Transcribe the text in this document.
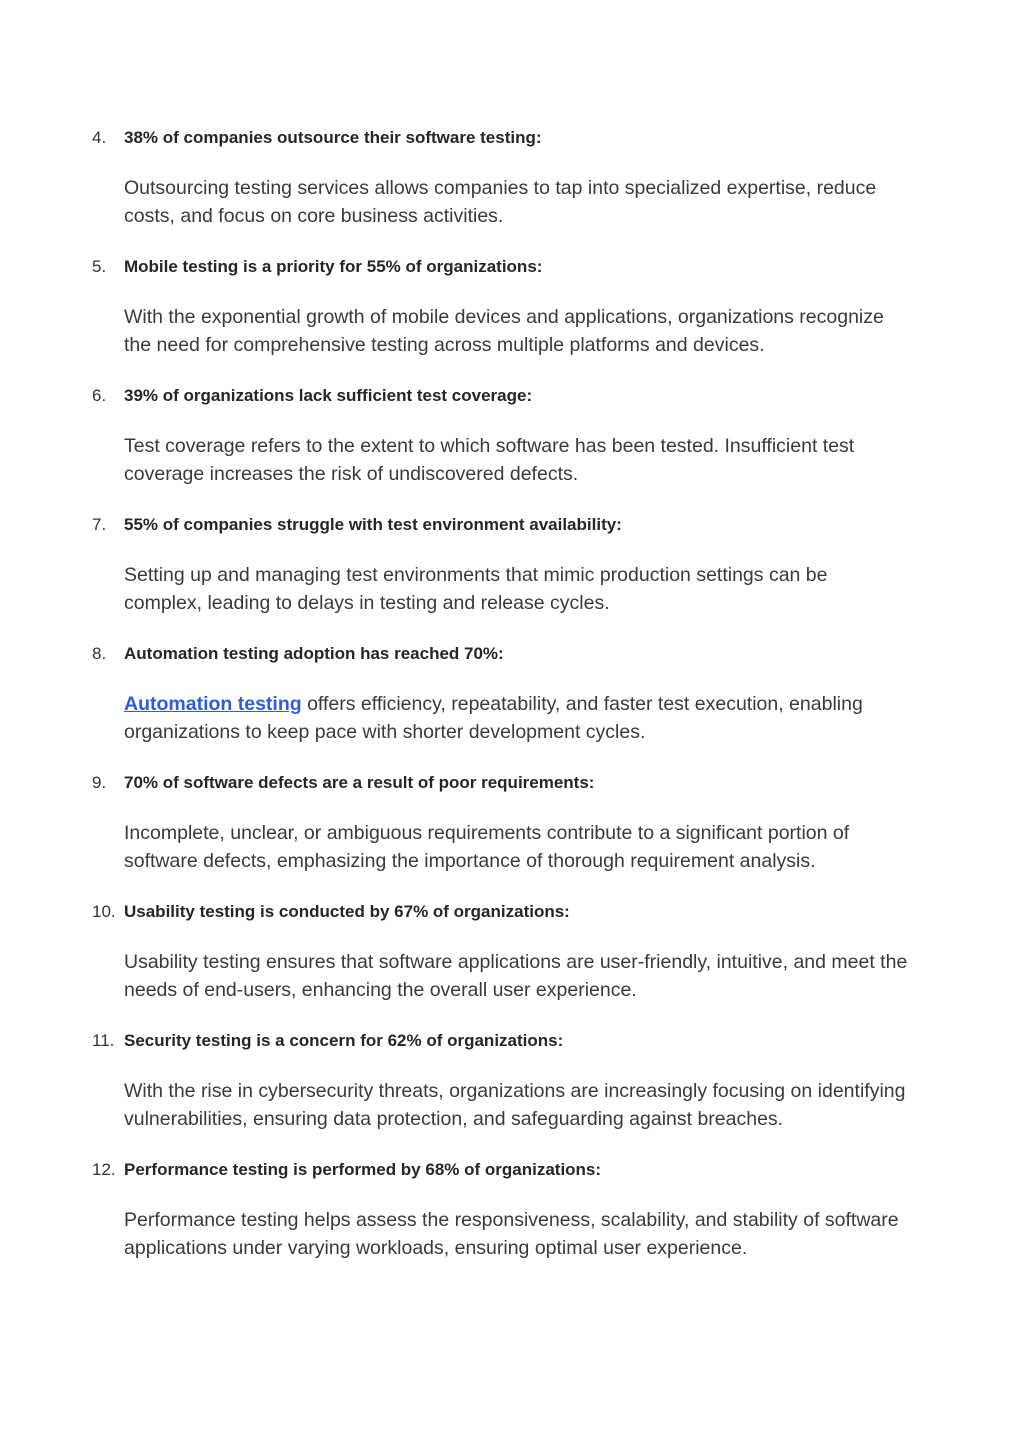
4. 38% of companies outsource their software testing:

Outsourcing testing services allows companies to tap into specialized expertise, reduce costs, and focus on core business activities.

5. Mobile testing is a priority for 55% of organizations:

With the exponential growth of mobile devices and applications, organizations recognize the need for comprehensive testing across multiple platforms and devices.

6. 39% of organizations lack sufficient test coverage:

Test coverage refers to the extent to which software has been tested. Insufficient test coverage increases the risk of undiscovered defects.

7. 55% of companies struggle with test environment availability:

Setting up and managing test environments that mimic production settings can be complex, leading to delays in testing and release cycles.

8. Automation testing adoption has reached 70%:

Automation testing offers efficiency, repeatability, and faster test execution, enabling organizations to keep pace with shorter development cycles.

9. 70% of software defects are a result of poor requirements:

Incomplete, unclear, or ambiguous requirements contribute to a significant portion of software defects, emphasizing the importance of thorough requirement analysis.

10. Usability testing is conducted by 67% of organizations:

Usability testing ensures that software applications are user-friendly, intuitive, and meet the needs of end-users, enhancing the overall user experience.

11. Security testing is a concern for 62% of organizations:

With the rise in cybersecurity threats, organizations are increasingly focusing on identifying vulnerabilities, ensuring data protection, and safeguarding against breaches.

12. Performance testing is performed by 68% of organizations:

Performance testing helps assess the responsiveness, scalability, and stability of software applications under varying workloads, ensuring optimal user experience.
